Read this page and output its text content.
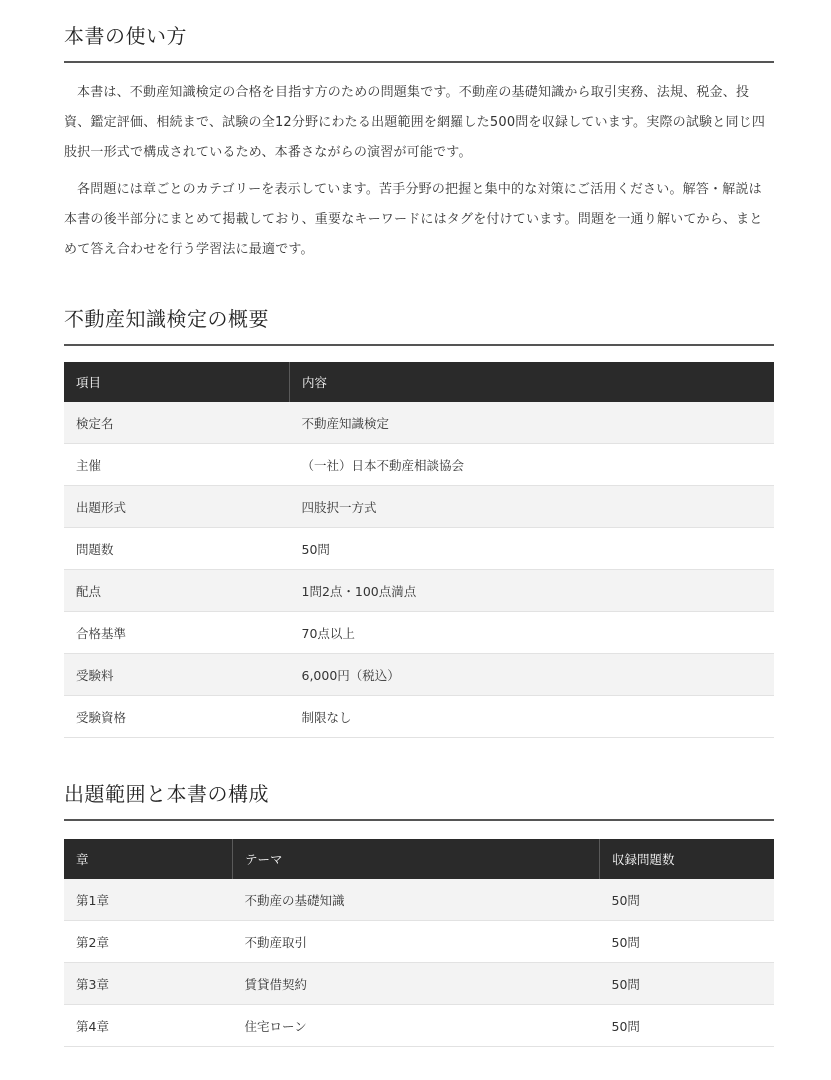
本書の使い方

本書は、不動産知識検定の合格を目指す方のための問題集です。不動産の基礎知識から取引実務、法規、税金、投資、鑑定評価、相続まで、試験の全12分野にわたる出題範囲を網羅した500問を収録しています。実際の試験と同じ四肢択一形式で構成されているため、本番さながらの演習が可能です。

各問題には章ごとのカテゴリーを表示しています。苦手分野の把握と集中的な対策にご活用ください。解答・解説は本書の後半部分にまとめて掲載しており、重要なキーワードにはタグを付けています。問題を一通り解いてから、まとめて答え合わせを行う学習法に最適です。

不動産知識検定の概要
項目	内容
検定名	不動産知識検定
主催	（一社）日本不動産相談協会
出題形式	四肢択一方式
問題数	50問
配点	1問2点・100点満点
合格基準	70点以上
受験料	6,000円（税込）
受験資格	制限なし
出題範囲と本書の構成
章	テーマ	収録問題数
第1章	不動産の基礎知識	50問
第2章	不動産取引	50問
第3章	賃貸借契約	50問
第4章	住宅ローン	50問
